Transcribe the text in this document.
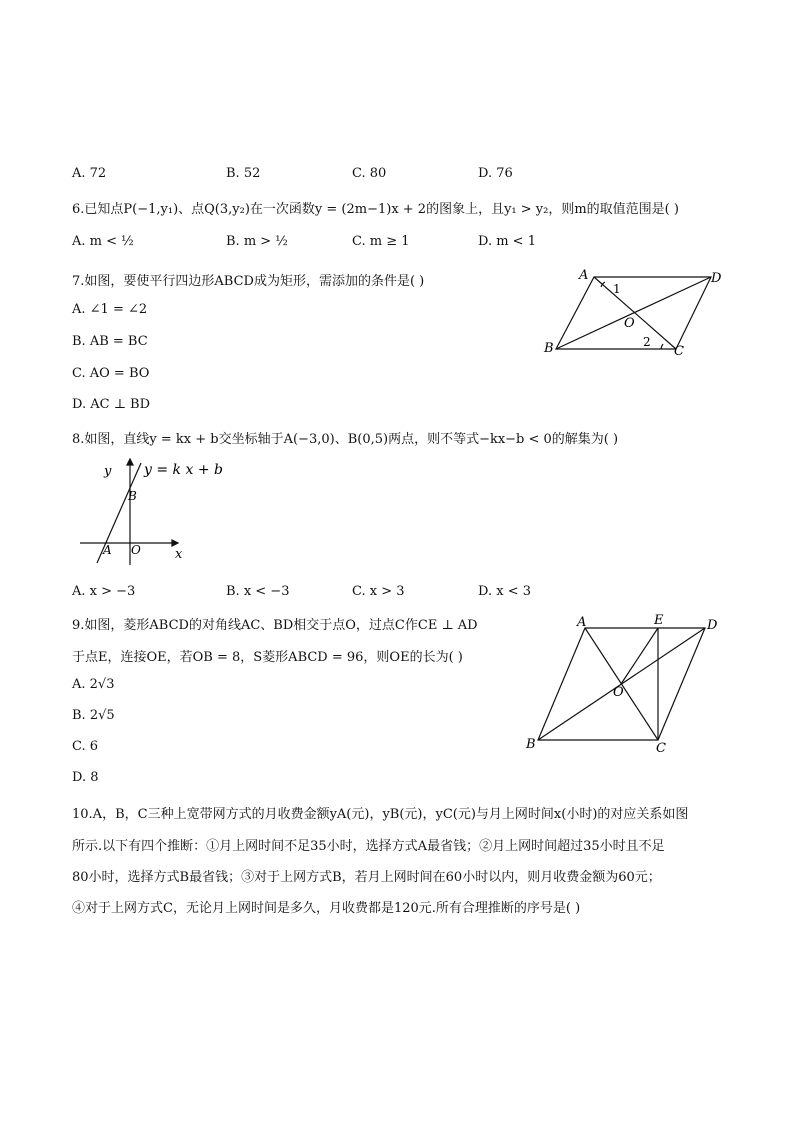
A. 72	B. 52	C. 80	D. 76
6.已知点P(−1,y₁)、点Q(3,y₂)在一次函数y = (2m−1)x + 2的图象上，且y₁ > y₂，则m的取值范围是( )
A. m < ½	B. m > ½	C. m ≥ 1	D. m < 1
7.如图，要使平行四边形ABCD成为矩形，需添加的条件是( )
A. ∠1 = ∠2
B. AB = BC
C. AO = BO
D. AC ⊥ BD
A	D
B	C
O
1
2
8.如图，直线y = kx + b交坐标轴于A(−3,0)、B(0,5)两点，则不等式−kx−b < 0的解集为( )
y
x
y = k x + b
A
B
O
A. x > −3	B. x < −3	C. x > 3	D. x < 3
9.如图，菱形ABCD的对角线AC、BD相交于点O，过点C作CE ⊥ AD
于点E，连接OE，若OB = 8，S菱形ABCD = 96，则OE的长为( )
A. 2√3
B. 2√5
C. 6
D. 8
A	E	D
B	C
O
10.A，B，C三种上宽带网方式的月收费金额yA(元)，yB(元)，yC(元)与月上网时间x(小时)的对应关系如图
所示.以下有四个推断：①月上网时间不足35小时，选择方式A最省钱；②月上网时间超过35小时且不足
80小时，选择方式B最省钱；③对于上网方式B，若月上网时间在60小时以内，则月收费金额为60元；
④对于上网方式C，无论月上网时间是多久，月收费都是120元.所有合理推断的序号是( )
